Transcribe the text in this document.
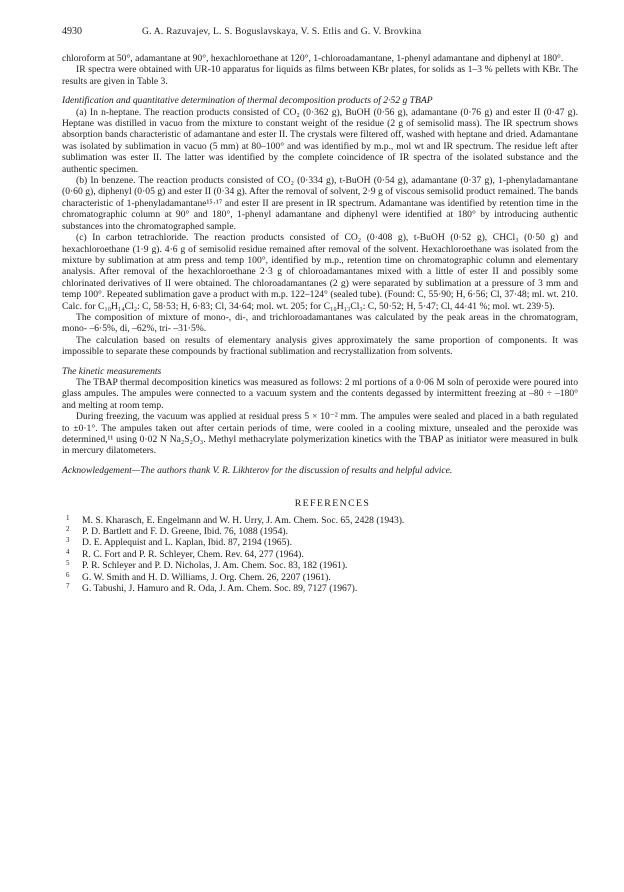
4930	G. A. Razuvajev, L. S. Boguslavskaya, V. S. Etlis and G. V. Brovkina

chloroform at 50°, adamantane at 90°, hexachloroethane at 120°, 1-chloroadamantane, 1-phenyl adamantane and diphenyl at 180°.

IR spectra were obtained with UR-10 apparatus for liquids as films between KBr plates, for solids as 1–3 % pellets with KBr. The results are given in Table 3.

Identification and quantitative determination of thermal decomposition products of 2·52 g TBAP

(a) In n-heptane. The reaction products consisted of CO₂ (0·362 g), BuOH (0·56 g), adamantane (0·76 g) and ester II (0·47 g). Heptane was distilled in vacuo from the mixture to constant weight of the residue (2 g of semisolid mass). The IR spectrum shows absorption bands characteristic of adamantane and ester II. The crystals were filtered off, washed with heptane and dried. Adamantane was isolated by sublimation in vacuo (5 mm) at 80–100° and was identified by m.p., mol wt and IR spectrum. The residue left after sublimation was ester II. The latter was identified by the complete coincidence of IR spectra of the isolated substance and the authentic specimen.

(b) In benzene. The reaction products consisted of CO₂ (0·334 g), t-BuOH (0·54 g), adamantane (0·37 g), 1-phenyladamantane (0·60 g), diphenyl (0·05 g) and ester II (0·34 g). After the removal of solvent, 2·9 g of viscous semisolid product remained. The bands characteristic of 1-phenyladamantane¹⁵·¹⁷ and ester II are present in IR spectrum. Adamantane was identified by retention time in the chromatographic column at 90° and 180°, 1-phenyl adamantane and diphenyl were identified at 180° by introducing authentic substances into the chromatographed sample.

(c) In carbon tetrachloride. The reaction products consisted of CO₂ (0·408 g), t-BuOH (0·52 g), CHCl₃ (0·50 g) and hexachloroethane (1·9 g). 4·6 g of semisolid residue remained after removal of the solvent. Hexachloroethane was isolated from the mixture by sublimation at atm press and temp 100°, identified by m.p., retention time on chromatographic column and elementary analysis. After removal of the hexachloroethane 2·3 g of chloroadamantanes mixed with a little of ester II and possibly some chlorinated derivatives of II were obtained. The chloroadamantanes (2 g) were separated by sublimation at a pressure of 3 mm and temp 100°. Repeated sublimation gave a product with m.p. 122–124° (sealed tube). (Found: C, 55·90; H, 6·56; Cl, 37·48; ml. wt. 210. Calc. for C₁₀H₁₄Cl₂: C, 58·53; H, 6·83; Cl, 34·64; mol. wt. 205; for C₁₀H₁₃Cl₃: C, 50·52; H, 5·47; Cl, 44·41 %; mol. wt. 239·5).

The composition of mixture of mono-, di-, and trichloroadamantanes was calculated by the peak areas in the chromatogram, mono- –6·5%, di, –62%, tri- –31·5%.

The calculation based on results of elementary analysis gives approximately the same proportion of components. It was impossible to separate these compounds by fractional sublimation and recrystallization from solvents.

The kinetic measurements

The TBAP thermal decomposition kinetics was measured as follows: 2 ml portions of a 0·06 M soln of peroxide were poured into glass ampules. The ampules were connected to a vacuum system and the contents degassed by intermittent freezing at –80 ÷ –180° and melting at room temp.

During freezing, the vacuum was applied at residual press 5 × 10⁻² mm. The ampules were sealed and placed in a bath regulated to ±0·1°. The ampules taken out after certain periods of time, were cooled in a cooling mixture, unsealed and the peroxide was determined,¹¹ using 0·02 N Na₂S₂O₃. Methyl methacrylate polymerization kinetics with the TBAP as initiator were measured in bulk in mercury dilatometers.

Acknowledgement—The authors thank V. R. Likhterov for the discussion of results and helpful advice.

REFERENCES
1 M. S. Kharasch, E. Engelmann and W. H. Urry, J. Am. Chem. Soc. 65, 2428 (1943).
2 P. D. Bartlett and F. D. Greene, Ibid. 76, 1088 (1954).
3 D. E. Applequist and L. Kaplan, Ibid. 87, 2194 (1965).
4 R. C. Fort and P. R. Schleyer, Chem. Rev. 64, 277 (1964).
5 P. R. Schleyer and P. D. Nicholas, J. Am. Chem. Soc. 83, 182 (1961).
6 G. W. Smith and H. D. Williams, J. Org. Chem. 26, 2207 (1961).
7 G. Tabushi, J. Hamuro and R. Oda, J. Am. Chem. Soc. 89, 7127 (1967).
